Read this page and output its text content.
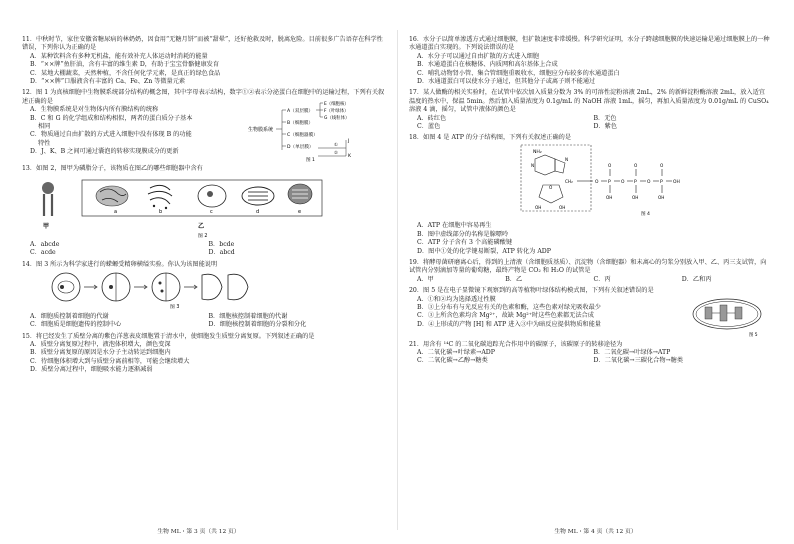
11．中秋时节，家住安徽省糖尿病的林奶奶，因食用“无糖月饼”而被“甜晕”，还好抢救及时，脱离危险。目前很多广告语存在科学性错误，下列你认为正确的是
A．某种饮料含有多种无机盐，能有效补充人体运动时消耗的能量
B．“××牌”鱼肝油，含有丰富的维生素 D，有助于宝宝骨骼健康发育
C．某地大棚蔬菜，天然种植，不含任何化学元素，是真正的绿色食品
D．“××牌”口服液含有丰富的 Ca、Fe、Zn 等微量元素
12．图 1 为真核细胞中生物膜系统部分结构的概念图，其中字母表示结构，数字①②表示分泌蛋白在细胞中的运输过程，下列有关叙述正确的是
A．生物膜系统是对生物体内所有膜结构的统称
B．C 和 G 的化学组成和结构相似，两者的蛋白质分子基本
相同
C．物质通过自由扩散的方式进入细胞中没有体现 B 的功能
特性
D．J、K、B 之间可通过囊泡的转移实现膜成分的更新
生物膜系统
A（双层膜）
B（细胞膜）
C（细胞器膜）
D（单层膜）
E（细胞核）
F（叶绿体）
G（线粒体）
J
K
①
②
图 1
13．如图 2，图甲为磷脂分子，该物质在图乙的哪些细胞器中含有
甲
a	b	c	d	e
乙
图 2
A．abcde	B．bcde
C．acde	D．abcd
14．图 3 所示为科学家进行的蝾螈受精卵横缢实验。你认为该图能说明
图 3
A．细胞质控制着细胞的代谢	B．细胞核控制着细胞的代谢
C．细胞质是细胞遗传的控制中心	D．细胞核控制着细胞的分裂和分化
15．将已经发生了质壁分离的紫色洋葱表皮细胞置于清水中，使细胞发生质壁分离复原。下列叙述正确的是
A．质壁分离复原过程中，液泡体积增大，颜色变深
B．质壁分离复原的原因是水分子主动转运到细胞内
C．待细胞体积增大到与质壁分离前相等，可能会继续增大
D．质壁分离过程中，细胞吸水能力逐渐减弱
生物 ML・第 3 页（共 12 页）
16．水分子以简单渗透方式通过细胞膜，但扩散速度非常缓慢。科学研究证明，水分子跨越细胞膜的快速运输是通过细胞膜上的一种水通道蛋白实现的。下列说法错误的是
A．水分子可以通过自由扩散的方式进入细胞
B．水通道蛋白在核糖体、内质网和高尔基体上合成
C．哺乳动物肾小管、集合管细胞重吸收水，细胞应分布较多的水通道蛋白
D．水通道蛋白可以使水分子通过，但其他分子或离子则不能通过
17．某人做酶的相关实验时，在试管中依次加入质量分数为 3% 的可溶性淀粉溶液 2mL，2% 的新鲜淀粉酶溶液 2mL，放入适宜温度的热水中，保温 5min。然后加入质量浓度为 0.1g/mL 的 NaOH 溶液 1mL，摇匀，再加入质量浓度为 0.01g/mL 的 CuSO₄ 溶液 4 滴，摇匀，试管中液体的颜色是
A．砖红色	B．无色
C．蓝色	D．紫色
18．如图 4 是 ATP 的分子结构图，下列有关叙述正确的是
NH₂
N
N
O
OH	OH
CH₂	O P O P O P OH
O	O	O
OH	OH	OH
图 4
A．ATP 在细胞中容易再生
B．图中虚线部分的名称是腺嘌呤
C．ATP 分子含有 3 个高能磷酸键
D．图中①处的化学键易断裂，ATP 转化为 ADP
19．将酵母菌研磨离心后，得到的上清液（含细胞质基质）、沉淀物（含细胞器）和未离心的匀浆分别放入甲、乙、丙三支试管，向试管内分别滴加等量的葡萄糖，最终产物是 CO₂ 和 H₂O 的试管是
A．甲	B．乙	C．丙	D．乙和丙
20．图 5 是在电子显微镜下观察到的高等植物叶绿体结构模式图，下列有关叙述错误的是
A．①和②均为选择透过性膜
B．③上分布有与光反应有关的色素和酶，这些色素对绿光吸收最少
C．③上所含色素均含 Mg²⁺，故缺 Mg²⁺时这些色素都无法合成
D．④上形成的产物 [H] 和 ATP 进入③中为暗反应提供物质和能量
图 5
21．用含有 ¹⁴C 的二氧化碳追踪光合作用中的碳原子，该碳原子的转移途径为
A．二氧化碳→叶绿素→ADP	B．二氧化碳→叶绿体→ATP
C．二氧化碳→乙醇→糖类	D．二氧化碳→三碳化合物→糖类
生物 ML・第 4 页（共 12 页）
